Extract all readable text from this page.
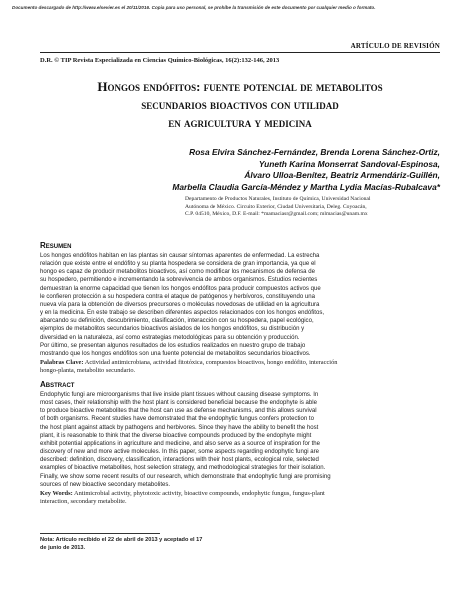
Documento descargado de http://www.elsevier.es el 20/11/2016. Copia para uso personal, se prohíbe la transmisión de este documento por cualquier medio o formato.
ARTÍCULO DE REVISIÓN
D.R. © TIP Revista Especializada en Ciencias Químico-Biológicas, 16(2):132-146, 2013
Hongos endófitos: fuente potencial de metabolitos
secundarios bioactivos con utilidad
en agricultura y medicina
Rosa Elvira Sánchez-Fernández, Brenda Lorena Sánchez-Ortiz,
Yuneth Karina Monserrat Sandoval-Espinosa,
Álvaro Ulloa-Benítez, Beatriz Armendáriz-Guillén,
Marbella Claudia García-Méndez y Martha Lydia Macías-Rubalcava*
Departamento de Productos Naturales, Instituto de Química, Universidad Nacional
Autónoma de México. Circuito Exterior, Ciudad Universitaria, Deleg. Coyoacán,
C.P. 04510, México, D.F. E-mail: *mamaciasr@gmail.com; mlmacias@unam.mx
Resumen
Los hongos endófitos habitan en las plantas sin causar síntomas aparentes de enfermedad. La estrecha
relación que existe entre el endófito y su planta hospedera se considera de gran importancia, ya que el
hongo es capaz de producir metabolitos bioactivos, así como modificar los mecanismos de defensa de
su hospedero, permitiendo e incrementando la sobrevivencia de ambos organismos. Estudios recientes
demuestran la enorme capacidad que tienen los hongos endófitos para producir compuestos activos que
le confieren protección a su hospedera contra el ataque de patógenos y herbívoros, constituyendo una
nueva vía para la obtención de diversos precursores o moléculas novedosas de utilidad en la agricultura
y en la medicina. En este trabajo se describen diferentes aspectos relacionados con los hongos endófitos,
abarcando su definición, descubrimiento, clasificación, interacción con su hospedera, papel ecológico,
ejemplos de metabolitos secundarios bioactivos aislados de los hongos endófitos, su distribución y
diversidad en la naturaleza, así como estrategias metodológicas para su obtención y producción.
Por último, se presentan algunos resultados de los estudios realizados en nuestro grupo de trabajo
mostrando que los hongos endófitos son una fuente potencial de metabolitos secundarios bioactivos.
Palabras Clave: Actividad antimicrobiana, actividad fitotóxica, compuestos bioactivos, hongo endófito, interacción
hongo-planta, metabolito secundario.
Abstract
Endophytic fungi are microorganisms that live inside plant tissues without causing disease symptoms. In
most cases, their relationship with the host plant is considered beneficial because the endophyte is able
to produce bioactive metabolites that the host can use as defense mechanisms, and this allows survival
of both organisms. Recent studies have demonstrated that the endophytic fungus confers protection to
the host plant against attack by pathogens and herbivores. Since they have the ability to benefit the host
plant, it is reasonable to think that the diverse bioactive compounds produced by the endophyte might
exhibit potential applications in agriculture and medicine, and also serve as a source of inspiration for the
discovery of new and more active molecules. In this paper, some aspects regarding endophytic fungi are
described: definition, discovery, classification, interactions with their host plants, ecological role, selected
examples of bioactive metabolites, host selection strategy, and methodological strategies for their isolation.
Finally, we show some recent results of our research, which demonstrate that endophytic fungi are promising
sources of new bioactive secondary metabolites.
Key Words: Antimicrobial activity, phytotoxic activity, bioactive compounds, endophytic fungus, fungus-plant
interaction, secondary metabolite.
Nota: Artículo recibido el 22 de abril de 2013 y aceptado el 17
de junio de 2013.
